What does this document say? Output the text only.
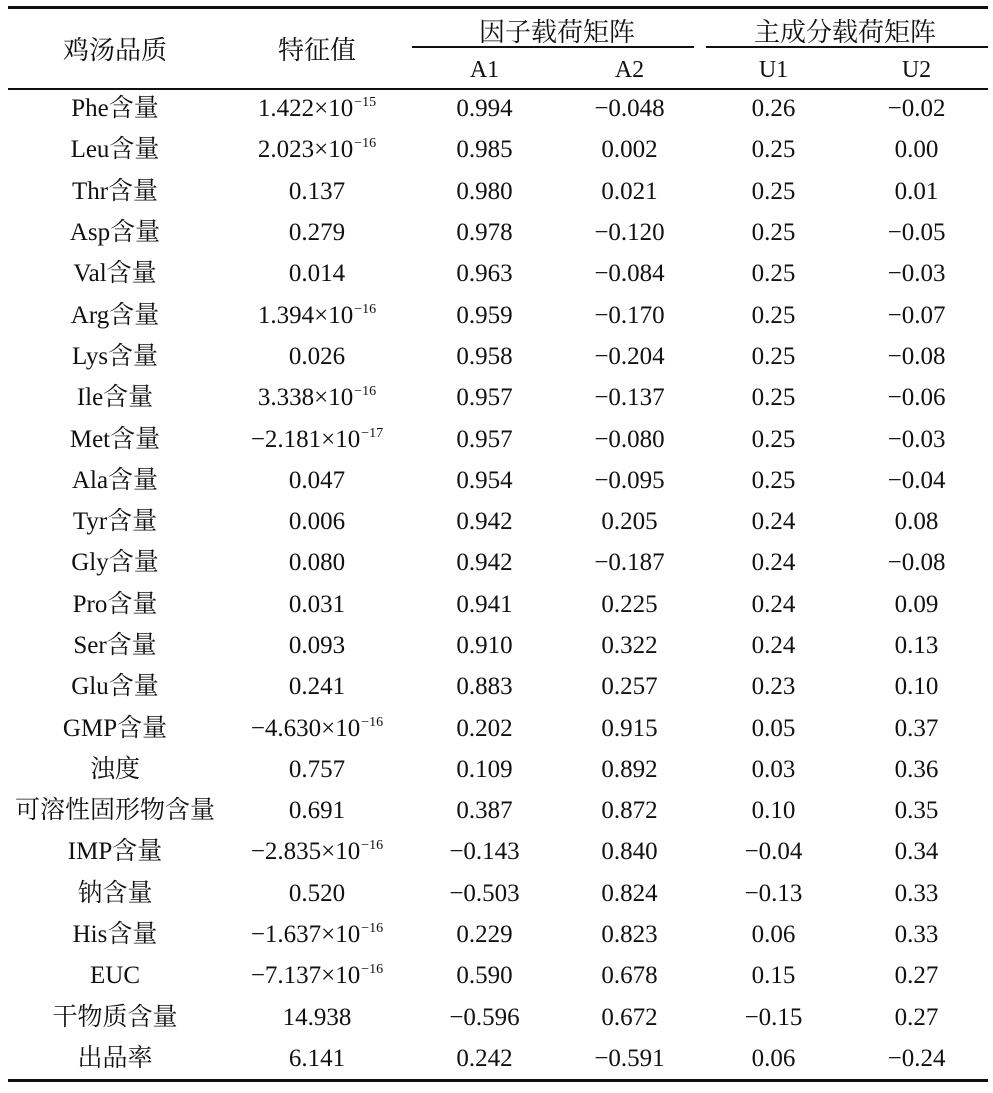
鸡汤品质	特征值	因子载荷矩阵		主成分载荷矩阵	
		A1	A2	U1	U2
Phe含量	$1.422\times 10^{-15}$	0.994	−0.048	0.26	−0.02
Leu含量	$2.023\times 10^{-16}$	0.985	0.002	0.25	0.00
Thr含量	0.137	0.980	0.021	0.25	0.01
Asp含量	0.279	0.978	−0.120	0.25	−0.05
Val含量	0.014	0.963	−0.084	0.25	−0.03
Arg含量	$1.394\times 10^{-16}$	0.959	−0.170	0.25	−0.07
Lys含量	0.026	0.958	−0.204	0.25	−0.08
Ile含量	$3.338\times 10^{-16}$	0.957	−0.137	0.25	−0.06
Met含量	$-2.181\times 10^{-17}$	0.957	−0.080	0.25	−0.03
Ala含量	0.047	0.954	−0.095	0.25	−0.04
Tyr含量	0.006	0.942	0.205	0.24	0.08
Gly含量	0.080	0.942	−0.187	0.24	−0.08
Pro含量	0.031	0.941	0.225	0.24	0.09
Ser含量	0.093	0.910	0.322	0.24	0.13
Glu含量	0.241	0.883	0.257	0.23	0.10
GMP含量	$-4.630\times 10^{-16}$	0.202	0.915	0.05	0.37
浊度	0.757	0.109	0.892	0.03	0.36
可溶性固形物含量	0.691	0.387	0.872	0.10	0.35
IMP含量	$-2.835\times 10^{-16}$	−0.143	0.840	−0.04	0.34
钠含量	0.520	−0.503	0.824	−0.13	0.33
His含量	$-1.637\times 10^{-16}$	0.229	0.823	0.06	0.33
EUC	$-7.137\times 10^{-16}$	0.590	0.678	0.15	0.27
干物质含量	14.938	−0.596	0.672	−0.15	0.27
出品率	6.141	0.242	−0.591	0.06	−0.24
